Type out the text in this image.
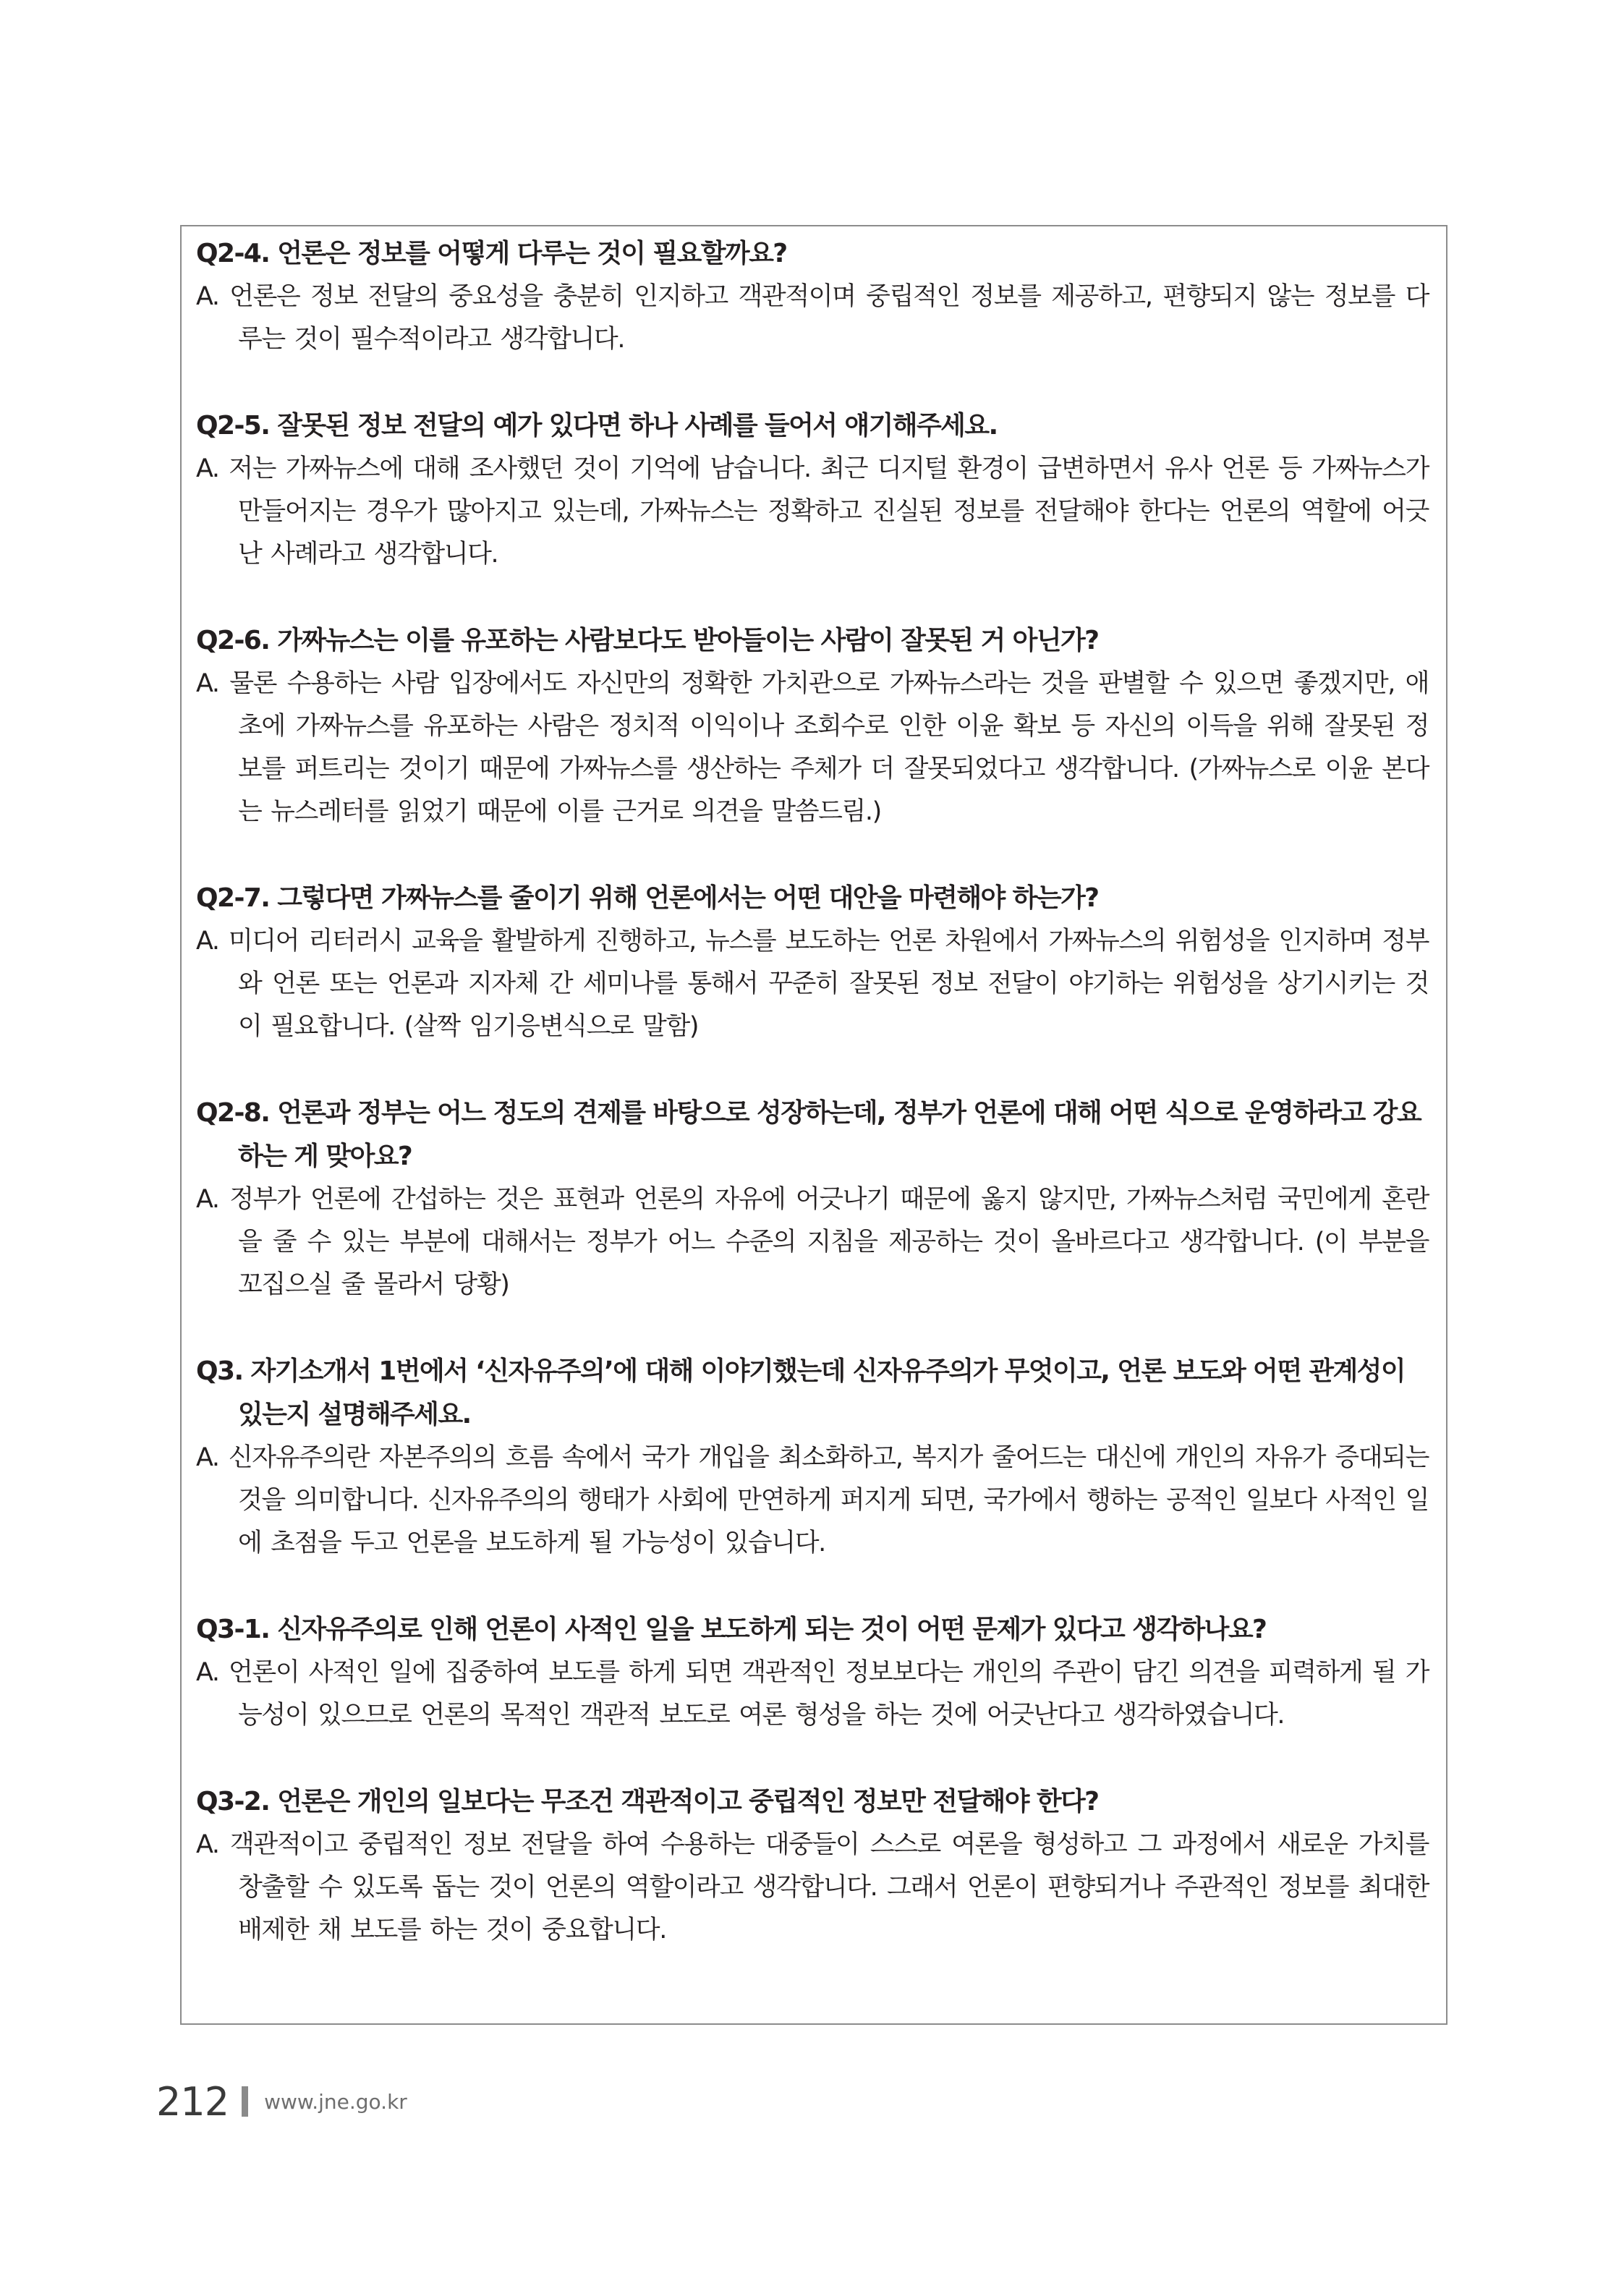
Q2-4. 언론은 정보를 어떻게 다루는 것이 필요할까요?

A. 언론은 정보 전달의 중요성을 충분히 인지하고 객관적이며 중립적인 정보를 제공하고, 편향되지 않는 정보를 다루는 것이 필수적이라고 생각합니다.

Q2-5. 잘못된 정보 전달의 예가 있다면 하나 사례를 들어서 얘기해주세요.

A. 저는 가짜뉴스에 대해 조사했던 것이 기억에 남습니다. 최근 디지털 환경이 급변하면서 유사 언론 등 가짜뉴스가 만들어지는 경우가 많아지고 있는데, 가짜뉴스는 정확하고 진실된 정보를 전달해야 한다는 언론의 역할에 어긋난 사례라고 생각합니다.

Q2-6. 가짜뉴스는 이를 유포하는 사람보다도 받아들이는 사람이 잘못된 거 아닌가?

A. 물론 수용하는 사람 입장에서도 자신만의 정확한 가치관으로 가짜뉴스라는 것을 판별할 수 있으면 좋겠지만, 애초에 가짜뉴스를 유포하는 사람은 정치적 이익이나 조회수로 인한 이윤 확보 등 자신의 이득을 위해 잘못된 정보를 퍼트리는 것이기 때문에 가짜뉴스를 생산하는 주체가 더 잘못되었다고 생각합니다. (가짜뉴스로 이윤 본다는 뉴스레터를 읽었기 때문에 이를 근거로 의견을 말씀드림.)

Q2-7. 그렇다면 가짜뉴스를 줄이기 위해 언론에서는 어떤 대안을 마련해야 하는가?

A. 미디어 리터러시 교육을 활발하게 진행하고, 뉴스를 보도하는 언론 차원에서 가짜뉴스의 위험성을 인지하며 정부와 언론 또는 언론과 지자체 간 세미나를 통해서 꾸준히 잘못된 정보 전달이 야기하는 위험성을 상기시키는 것이 필요합니다. (살짝 임기응변식으로 말함)

Q2-8. 언론과 정부는 어느 정도의 견제를 바탕으로 성장하는데, 정부가 언론에 대해 어떤 식으로 운영하라고 강요하는 게 맞아요?

A. 정부가 언론에 간섭하는 것은 표현과 언론의 자유에 어긋나기 때문에 옳지 않지만, 가짜뉴스처럼 국민에게 혼란을 줄 수 있는 부분에 대해서는 정부가 어느 수준의 지침을 제공하는 것이 올바르다고 생각합니다. (이 부분을 꼬집으실 줄 몰라서 당황)

Q3. 자기소개서 1번에서 ‘신자유주의’에 대해 이야기했는데 신자유주의가 무엇이고, 언론 보도와 어떤 관계성이 있는지 설명해주세요.

A. 신자유주의란 자본주의의 흐름 속에서 국가 개입을 최소화하고, 복지가 줄어드는 대신에 개인의 자유가 증대되는 것을 의미합니다. 신자유주의의 행태가 사회에 만연하게 퍼지게 되면, 국가에서 행하는 공적인 일보다 사적인 일에 초점을 두고 언론을 보도하게 될 가능성이 있습니다.

Q3-1. 신자유주의로 인해 언론이 사적인 일을 보도하게 되는 것이 어떤 문제가 있다고 생각하나요?

A. 언론이 사적인 일에 집중하여 보도를 하게 되면 객관적인 정보보다는 개인의 주관이 담긴 의견을 피력하게 될 가능성이 있으므로 언론의 목적인 객관적 보도로 여론 형성을 하는 것에 어긋난다고 생각하였습니다.

Q3-2. 언론은 개인의 일보다는 무조건 객관적이고 중립적인 정보만 전달해야 한다?

A. 객관적이고 중립적인 정보 전달을 하여 수용하는 대중들이 스스로 여론을 형성하고 그 과정에서 새로운 가치를 창출할 수 있도록 돕는 것이 언론의 역할이라고 생각합니다. 그래서 언론이 편향되거나 주관적인 정보를 최대한 배제한 채 보도를 하는 것이 중요합니다.

212 www.jne.go.kr
